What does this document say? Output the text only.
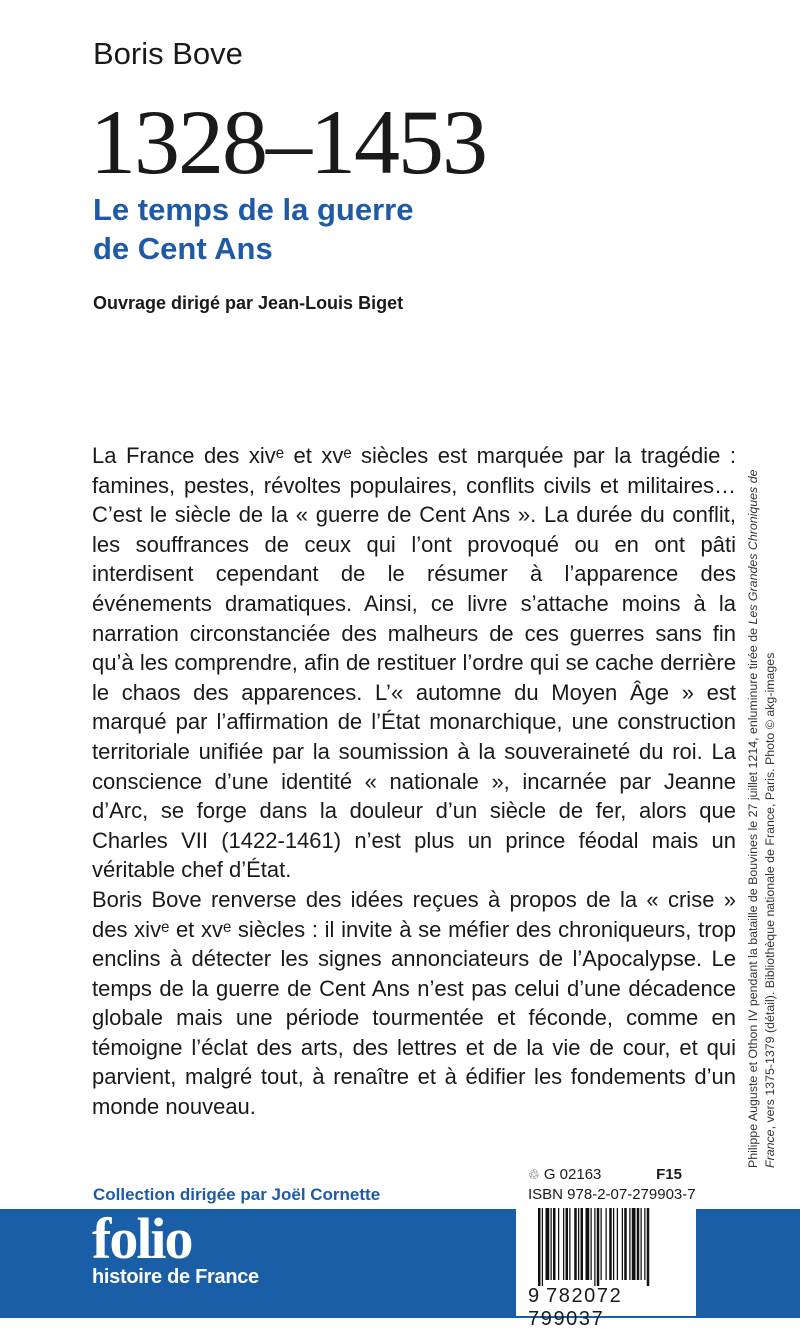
Boris Bove
1328–1453
Le temps de la guerre
de Cent Ans
Ouvrage dirigé par Jean-Louis Biget

La France des xivᵉ et xvᵉ siècles est marquée par la tragédie : famines, pestes, révoltes populaires, conflits civils et militaires… C’est le siècle de la « guerre de Cent Ans ». La durée du conflit, les souffrances de ceux qui l’ont provoqué ou en ont pâti interdisent cependant de le résumer à l’apparence des événements dramatiques. Ainsi, ce livre s’attache moins à la narration circonstanciée des malheurs de ces guerres sans fin qu’à les comprendre, afin de restituer l’ordre qui se cache derrière le chaos des apparences. L’« automne du Moyen Âge » est marqué par l’affirmation de l’État monarchique, une construction territoriale unifiée par la soumission à la souveraineté du roi. La conscience d’une identité « nationale », incarnée par Jeanne d’Arc, se forge dans la douleur d’un siècle de fer, alors que Charles VII (1422-1461) n’est plus un prince féodal mais un véritable chef d’État.

Boris Bove renverse des idées reçues à propos de la « crise » des xivᵉ et xvᵉ siècles : il invite à se méfier des chroniqueurs, trop enclins à détecter les signes annonciateurs de l’Apocalypse. Le temps de la guerre de Cent Ans n’est pas celui d’une décadence globale mais une période tourmentée et féconde, comme en témoigne l’éclat des arts, des lettres et de la vie de cour, et qui parvient, malgré tout, à renaître et à édifier les fondements d’un monde nouveau.	Philippe Auguste et Othon IV pendant la bataille de Bouvines le 27 juillet 1214, enluminure tirée de Les Grandes Chroniques de France, vers 1375-1379 (détail). Bibliothèque nationale de France, Paris. Photo © akg-images
Collection dirigée par Joël Cornette
folio
histoire de France
♲ G 02163	F15
ISBN 978-2-07-279903-7
9 782072 799037
